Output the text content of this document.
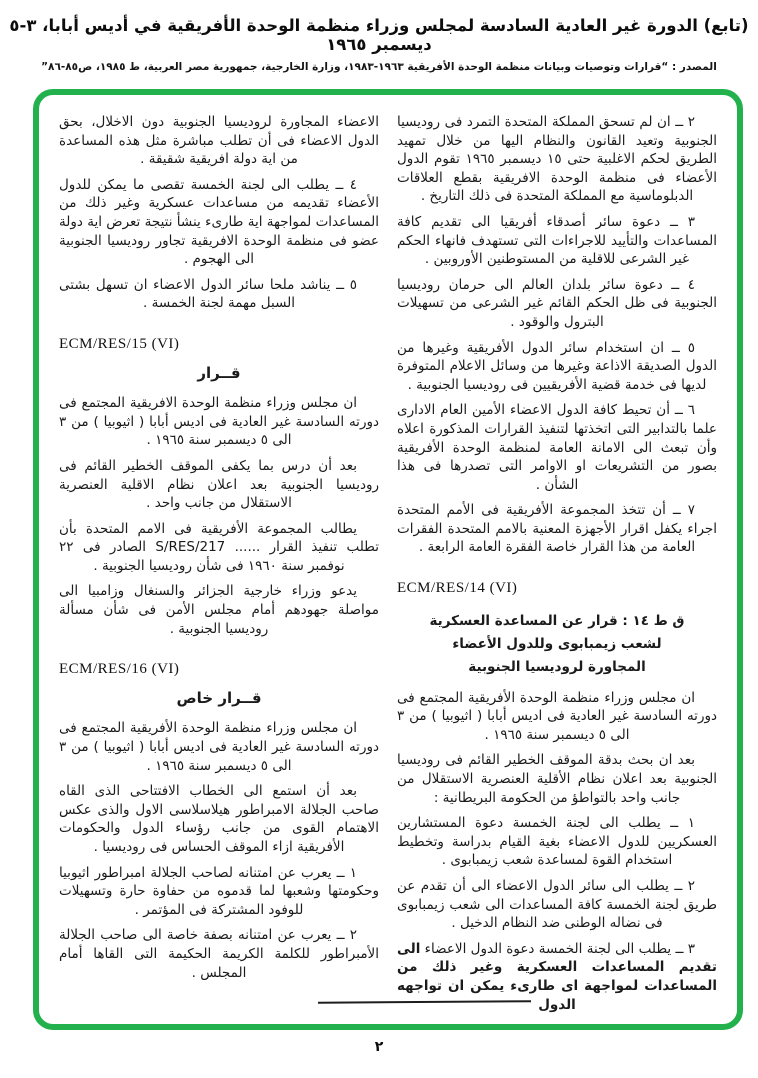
(تابع) الدورة غير العادية السادسة لمجلس وزراء منظمة الوحدة الأفريقية في أديس أبابا، ٣-٥ ديسمبر ١٩٦٥
المصدر : “قرارات وتوصيات وبيانات منظمة الوحدة الأفريقية ١٩٦٣-١٩٨٣، وزارة الخارجية، جمهورية مصر العربية، ط ١٩٨٥، ص٨٥-٨٦”

٢ ــ ان لم تسحق المملكة المتحدة التمرد فى روديسيا الجنوبية وتعيد القانون والنظام اليها من خلال تمهيد الطريق لحكم الاغلبية حتى ١٥ ديسمبر ١٩٦٥ تقوم الدول الأعضاء فى منظمة الوحدة الافريقية بقطع العلاقات الدبلوماسية مع المملكة المتحدة فى ذلك التاريخ .

٣ ــ دعوة سائر أصدقاء أفريقيا الى تقديم كافة المساعدات والتأييد للاجراءات التى تستهدف فانهاء الحكم غير الشرعى للاقلية من المستوطنين الأوروبين .

٤ ــ دعوة سائر بلدان العالم الى حرمان روديسيا الجنوبية فى ظل الحكم القائم غير الشرعى من تسهيلات البترول والوقود .

٥ ــ ان استخدام سائر الدول الأفريقية وغيرها من الدول الصديقة الاذاعة وغيرها من وسائل الاعلام المتوفرة لديها فى خدمة قضية الأفريقيين فى روديسيا الجنوبية .

٦ ــ أن تحيط كافة الدول الاعضاء الأمين العام الادارى علما بالتدابير التى اتخذتها لتنفيذ القرارات المذكورة اعلاه وأن تبعث الى الامانة العامة لمنظمة الوحدة الأفريقية بصور من التشريعات او الاوامر التى تصدرها فى هذا الشأن .

٧ ــ أن تتخذ المجموعة الأفريقية فى الأمم المتحدة اجراء يكفل اقرار الأجهزة المعنية بالامم المتحدة الفقرات العامة من هذا القرار خاصة الفقرة العامة الرابعة .

ECM/RES/14 (VI)
ق ط ١٤ : قرار عن المساعدة العسكرية
لشعب زيمبابوى وللدول الأعضاء
المجاورة لروديسيا الجنوبية

ان مجلس وزراء منظمة الوحدة الأفريقية المجتمع فى دورته السادسة غير العادية فى اديس أبابا ( اثيوبيا ) من ٣ الى ٥ ديسمبر سنة ١٩٦٥ .

بعد ان بحث بدقة الموقف الخطير القائم فى روديسيا الجنوبية بعد اعلان نظام الأقلية العنصرية الاستقلال من جانب واحد بالتواطؤ من الحكومة البريطانية :

١ ــ يطلب الى لجنة الخمسة دعوة المستشارين العسكريين للدول الاعضاء بغية القيام بدراسة وتخطيط استخدام القوة لمساعدة شعب زيمبابوى .

٢ ــ يطلب الى سائر الدول الاعضاء الى أن تقدم عن طريق لجنة الخمسة كافة المساعدات الى شعب زيمبابوى فى نضاله الوطنى ضد النظام الدخيل .

٣ ــ يطلب الى لجنة الخمسة دعوة الدول الاعضاء الى تقديم المساعدات العسكرية وغير ذلك من المساعدات لمواجهة اى طارىء يمكن ان تواجهه الدول

الاعضاء المجاورة لروديسيا الجنوبية دون الاخلال، بحق الدول الاعضاء فى أن تطلب مباشرة مثل هذه المساعدة من اية دولة افريقية شقيقة .

٤ ــ يطلب الى لجنة الخمسة تقصى ما يمكن للدول الأعضاء تقديمه من مساعدات عسكرية وغير ذلك من المساعدات لمواجهة اية طارىء ينشأ نتيجة تعرض اية دولة عضو فى منظمة الوحدة الافريقية تجاور روديسيا الجنوبية الى الهجوم .

٥ ــ يناشد ملحا سائر الدول الاعضاء ان تسهل بشتى السبل مهمة لجنة الخمسة .

ECM/RES/15 (VI)
قــرار

ان مجلس وزراء منظمة الوحدة الافريقية المجتمع فى دورته السادسة غير العادية فى اديس أبابا ( اثيوبيا ) من ٣ الى ٥ ديسمبر سنة ١٩٦٥ .

بعد أن درس بما يكفى الموقف الخطير القائم فى روديسيا الجنوبية بعد اعلان نظام الاقلية العنصرية الاستقلال من جانب واحد .

يطالب المجموعة الأفريقية فى الامم المتحدة بأن تطلب تنفيذ القرار ...... S/RES/217 الصادر فى ٢٢ نوفمبر سنة ١٩٦٠ فى شأن روديسيا الجنوبية .

يدعو وزراء خارجية الجزائر والسنغال وزامبيا الى مواصلة جهودهم أمام مجلس الأمن فى شأن مسألة روديسيا الجنوبية .

ECM/RES/16 (VI)
قــرار خاص

ان مجلس وزراء منظمة الوحدة الأفريقية المجتمع فى دورته السادسة غير العادية فى اديس أبابا ( اثيوبيا ) من ٣ الى ٥ ديسمبر سنة ١٩٦٥ .

بعد أن استمع الى الخطاب الافتتاحى الذى القاه صاحب الجلالة الامبراطور هيلاسلاسى الاول والذى عكس الاهتمام القوى من جانب رؤساء الدول والحكومات الأفريقية ازاء الموقف الحساس فى روديسيا .

١ ــ يعرب عن امتنانه لصاحب الجلالة امبراطور اثيوبيا وحكومتها وشعبها لما قدموه من حفاوة حارة وتسهيلات للوفود المشتركة فى المؤتمر .

٢ ــ يعرب عن امتنانه بصفة خاصة الى صاحب الجلالة الأمبراطور للكلمة الكريمة الحكيمة التى القاها أمام المجلس .

٢
